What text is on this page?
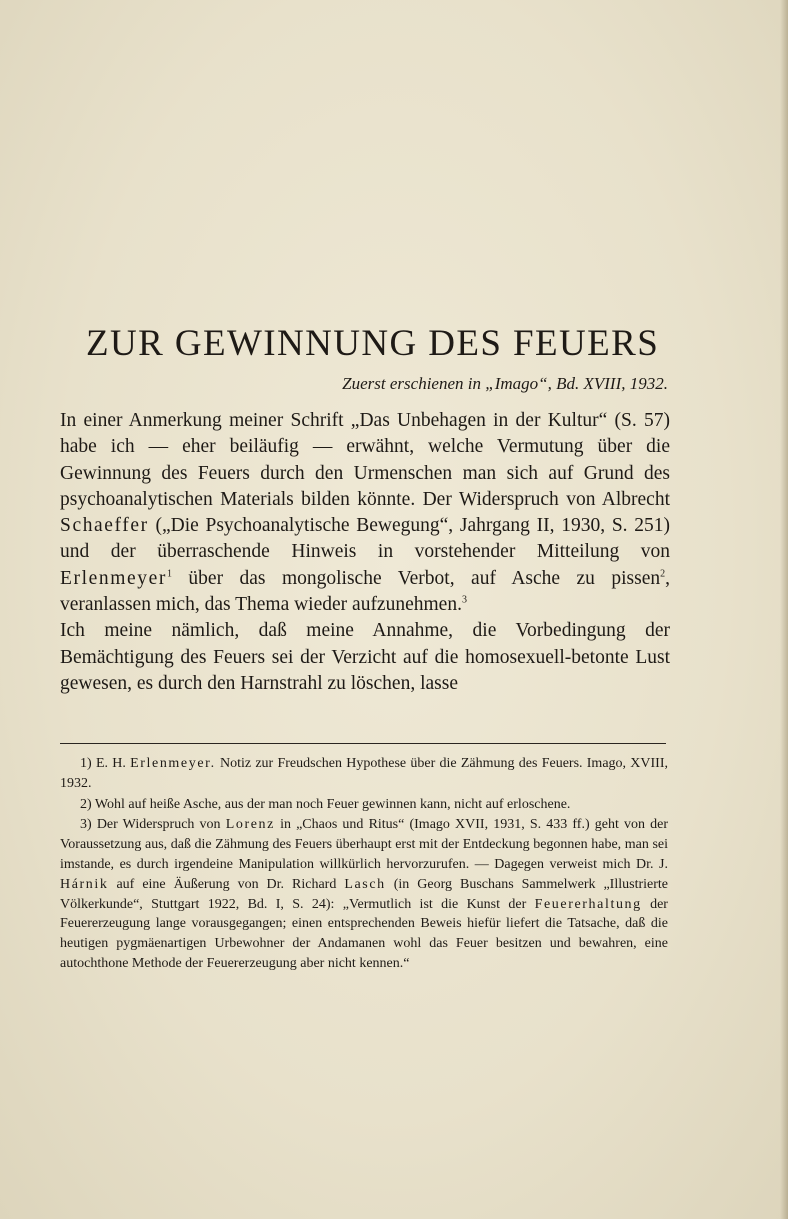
ZUR GEWINNUNG DES FEUERS
Zuerst erschienen in „Imago“, Bd. XVIII, 1932.

In einer Anmerkung meiner Schrift „Das Unbehagen in der Kultur“ (S. 57) habe ich — eher beiläufig — erwähnt, welche Vermutung über die Gewinnung des Feuers durch den Urmenschen man sich auf Grund des psychoanalytischen Materials bilden könnte. Der Widerspruch von Albrecht Schaeffer („Die Psychoanalytische Bewegung“, Jahrgang II, 1930, S. 251) und der überraschende Hinweis in vorstehender Mitteilung von Erlenmeyer$^1$ über das mongolische Verbot, auf Asche zu pissen$^2$, veranlassen mich, das Thema wieder aufzunehmen.$^3$

Ich meine nämlich, daß meine Annahme, die Vorbedingung der Bemächtigung des Feuers sei der Verzicht auf die homosexuell-betonte Lust gewesen, es durch den Harnstrahl zu löschen, lasse

1) E. H. Erlenmeyer. Notiz zur Freudschen Hypothese über die Zähmung des Feuers. Imago, XVIII, 1932.

2) Wohl auf heiße Asche, aus der man noch Feuer gewinnen kann, nicht auf erloschene.

3) Der Widerspruch von Lorenz in „Chaos und Ritus“ (Imago XVII, 1931, S. 433 ff.) geht von der Voraussetzung aus, daß die Zähmung des Feuers überhaupt erst mit der Entdeckung begonnen habe, man sei imstande, es durch irgendeine Manipulation willkürlich hervorzurufen. — Dagegen verweist mich Dr. J. Hárnik auf eine Äußerung von Dr. Richard Lasch (in Georg Buschans Sammelwerk „Illustrierte Völkerkunde“, Stuttgart 1922, Bd. I, S. 24): „Vermutlich ist die Kunst der Feuererhaltung der Feuererzeugung lange vorausgegangen; einen entsprechenden Beweis hiefür liefert die Tatsache, daß die heutigen pygmäenartigen Urbewohner der Andamanen wohl das Feuer besitzen und bewahren, eine autochthone Methode der Feuererzeugung aber nicht kennen.“
